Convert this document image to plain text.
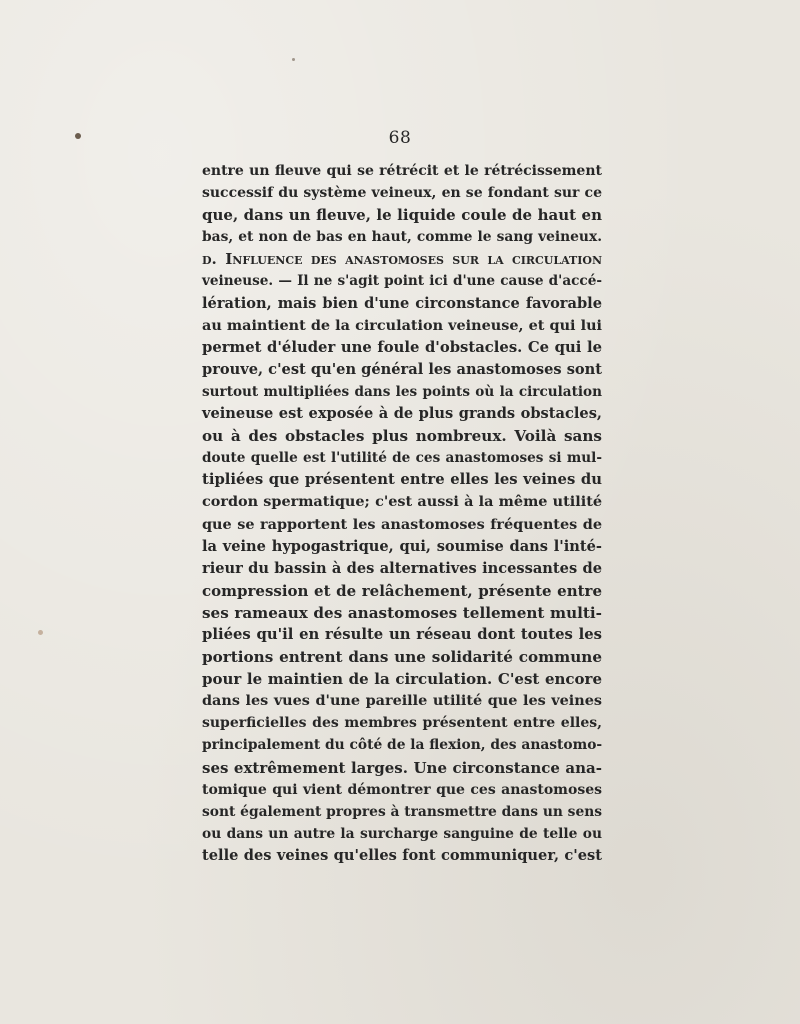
68
entre un fleuve qui se rétrécit et le rétrécissement
successif du système veineux, en se fondant sur ce
que, dans un fleuve, le liquide coule de haut en
bas, et non de bas en haut, comme le sang veineux.
d. Influence des anastomoses sur la circulation
veineuse. — Il ne s'agit point ici d'une cause d'accé-
lération, mais bien d'une circonstance favorable
au maintient de la circulation veineuse, et qui lui
permet d'éluder une foule d'obstacles. Ce qui le
prouve, c'est qu'en général les anastomoses sont
surtout multipliées dans les points où la circulation
veineuse est exposée à de plus grands obstacles,
ou à des obstacles plus nombreux. Voilà sans
doute quelle est l'utilité de ces anastomoses si mul-
tipliées que présentent entre elles les veines du
cordon spermatique; c'est aussi à la même utilité
que se rapportent les anastomoses fréquentes de
la veine hypogastrique, qui, soumise dans l'inté-
rieur du bassin à des alternatives incessantes de
compression et de relâchement, présente entre
ses rameaux des anastomoses tellement multi-
pliées qu'il en résulte un réseau dont toutes les
portions entrent dans une solidarité commune
pour le maintien de la circulation. C'est encore
dans les vues d'une pareille utilité que les veines
superficielles des membres présentent entre elles,
principalement du côté de la flexion, des anastomo-
ses extrêmement larges. Une circonstance ana-
tomique qui vient démontrer que ces anastomoses
sont également propres à transmettre dans un sens
ou dans un autre la surcharge sanguine de telle ou
telle des veines qu'elles font communiquer, c'est
